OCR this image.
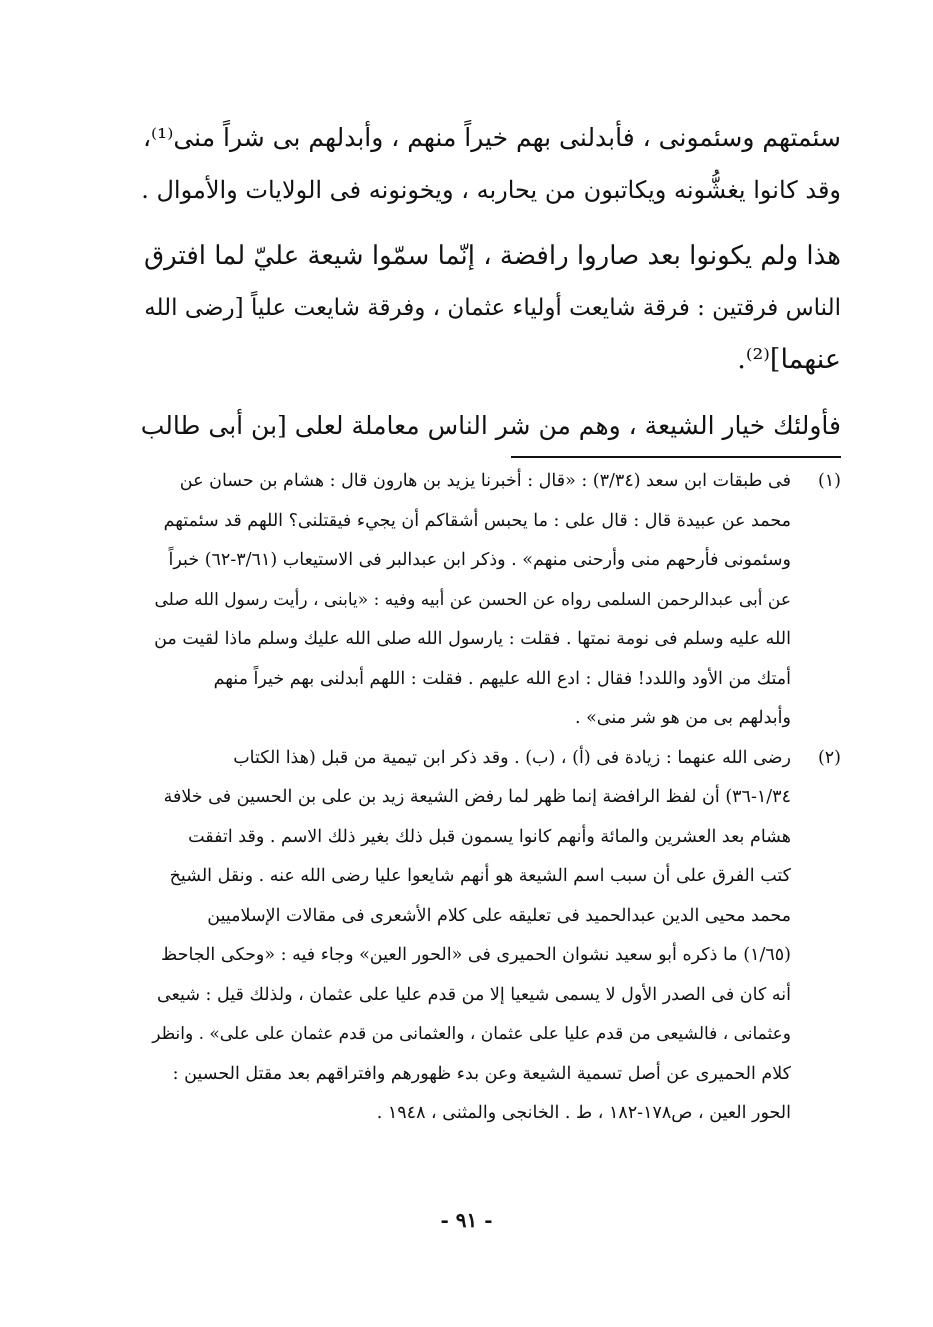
سئمتهم وسئمونى ، فأبدلنى بهم خيراً منهم ، وأبدلهم بى شراً منى⁽¹⁾،
وقد كانوا يغشُّونه ويكاتبون من يحاربه ، ويخونونه فى الولايات والأموال .
هذا ولم يكونوا بعد صاروا رافضة ، إنّما سمّوا شيعة عليّ لما افترق
الناس فرقتين : فرقة شايعت أولياء عثمان ، وفرقة شايعت علياً [رضى الله
عنهما]⁽²⁾.
فأولئك خيار الشيعة ، وهم من شر الناس معاملة لعلى [بن أبى طالب
(١)
فى طبقات ابن سعد (٣/٣٤) : «قال : أخبرنا يزيد بن هارون قال : هشام بن حسان عن
محمد عن عبيدة قال : قال على : ما يحبس أشقاكم أن يجيء فيقتلنى؟ اللهم قد سئمتهم
وسئمونى فأرحهم منى وأرحنى منهم» . وذكر ابن عبدالبر فى الاستيعاب (٣/٦١-٦٢) خبراً
عن أبى عبدالرحمن السلمى رواه عن الحسن عن أبيه وفيه : «يابنى ، رأيت رسول الله صلى
الله عليه وسلم فى نومة نمتها . فقلت : يارسول الله صلى الله عليك وسلم ماذا لقيت من
أمتك من الأود واللدد! فقال : ادع الله عليهم . فقلت : اللهم أبدلنى بهم خيراً منهم
وأبدلهم بى من هو شر منى» .
(٢)
رضى الله عنهما : زيادة فى (أ) ، (ب) . وقد ذكر ابن تيمية من قبل (هذا الكتاب
١/٣٤-٣٦) أن لفظ الرافضة إنما ظهر لما رفض الشيعة زيد بن على بن الحسين فى خلافة
هشام بعد العشرين والمائة وأنهم كانوا يسمون قبل ذلك بغير ذلك الاسم . وقد اتفقت
كتب الفرق على أن سبب اسم الشيعة هو أنهم شايعوا عليا رضى الله عنه . ونقل الشيخ
محمد محيى الدين عبدالحميد فى تعليقه على كلام الأشعرى فى مقالات الإسلاميين
(١/٦٥) ما ذكره أبو سعيد نشوان الحميرى فى «الحور العين» وجاء فيه : «وحكى الجاحظ
أنه كان فى الصدر الأول لا يسمى شيعيا إلا من قدم عليا على عثمان ، ولذلك قيل : شيعى
وعثمانى ، فالشيعى من قدم عليا على عثمان ، والعثمانى من قدم عثمان على على» . وانظر
كلام الحميرى عن أصل تسمية الشيعة وعن بدء ظهورهم وافتراقهم بعد مقتل الحسين :
الحور العين ، ص١٧٨-١٨٢ ، ط . الخانجى والمثنى ، ١٩٤٨ .
- ٩١ -
